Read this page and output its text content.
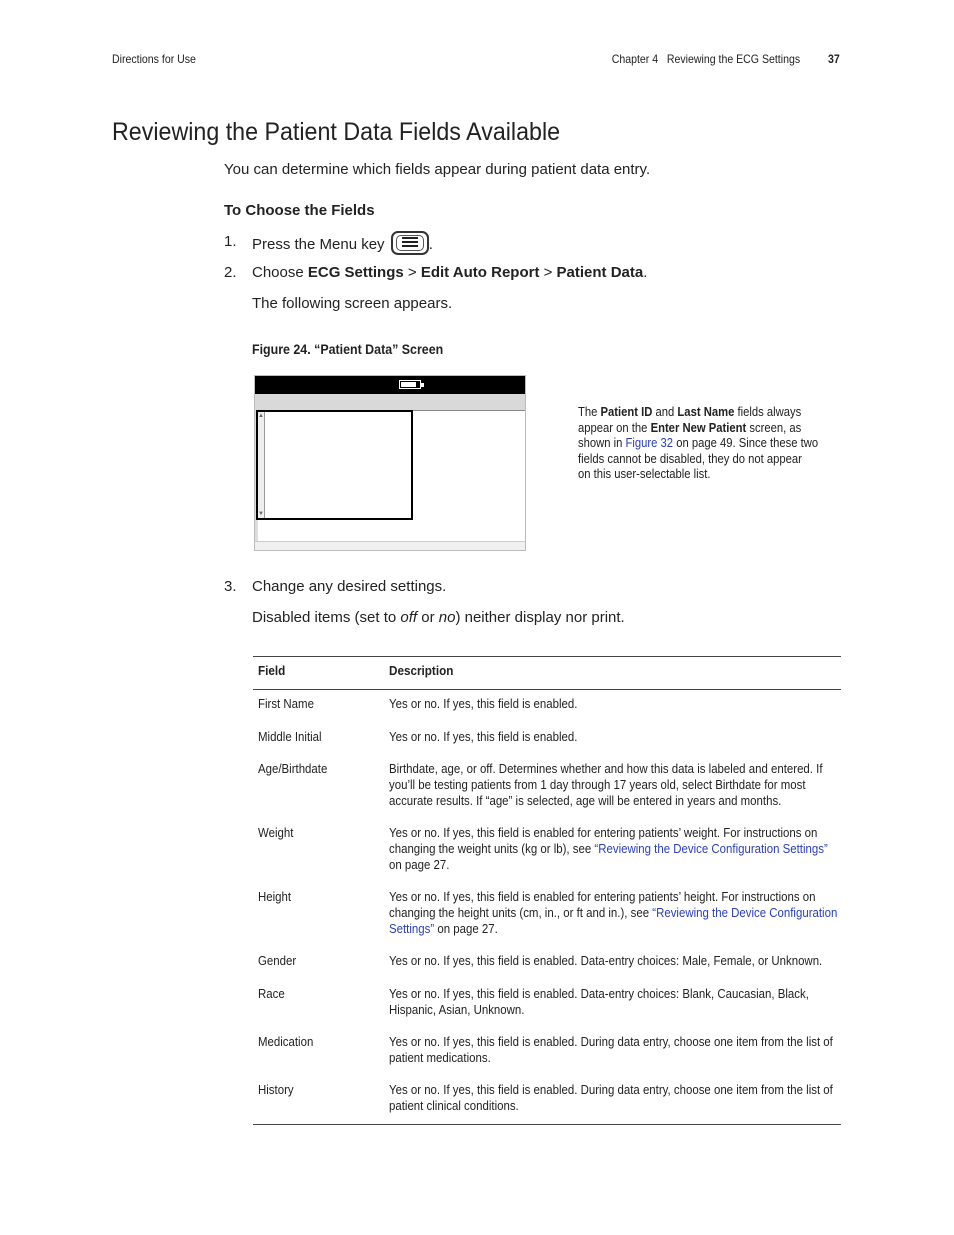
Directions for Use	Chapter 4   Reviewing the ECG Settings 37
Reviewing the Patient Data Fields Available
You can determine which fields appear during patient data entry.
To Choose the Fields
1. Press the Menu key	.
2. Choose ECG Settings > Edit Auto Report > Patient Data.
The following screen appears.
Figure 24. “Patient Data” Screen
▲
▼
The Patient ID and Last Name fields always
appear on the Enter New Patient screen, as
shown in Figure 32 on page 49. Since these two
fields cannot be disabled, they do not appear
on this user-selectable list.
3. Change any desired settings.
Disabled items (set to off or no) neither display nor print.
Field	Description
First Name	Yes or no. If yes, this field is enabled.
Middle Initial	Yes or no. If yes, this field is enabled.
Age/Birthdate	Birthdate, age, or off. Determines whether and how this data is labeled and entered. If
you’ll be testing patients from 1 day through 17 years old, select Birthdate for most
accurate results. If “age” is selected, age will be entered in years and months.
Weight	Yes or no. If yes, this field is enabled for entering patients’ weight. For instructions on
changing the weight units (kg or lb), see “Reviewing the Device Configuration Settings”
on page 27.
Height	Yes or no. If yes, this field is enabled for entering patients’ height. For instructions on
changing the height units (cm, in., or ft and in.), see “Reviewing the Device Configuration
Settings” on page 27.
Gender	Yes or no. If yes, this field is enabled. Data-entry choices: Male, Female, or Unknown.
Race	Yes or no. If yes, this field is enabled. Data-entry choices: Blank, Caucasian, Black,
Hispanic, Asian, Unknown.
Medication	Yes or no. If yes, this field is enabled. During data entry, choose one item from the list of
patient medications.
History	Yes or no. If yes, this field is enabled. During data entry, choose one item from the list of
patient clinical conditions.
